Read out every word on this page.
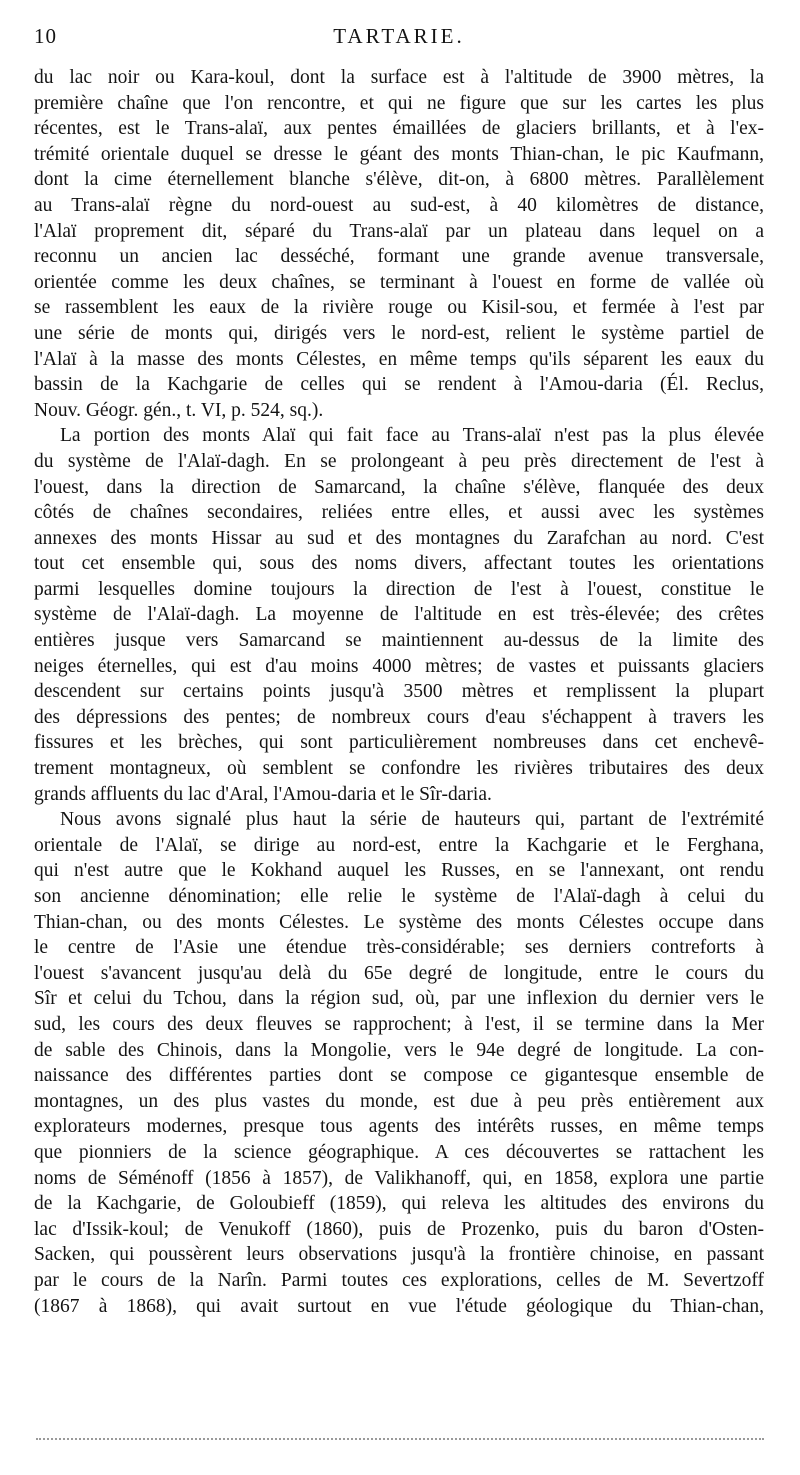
10	TARTARIE.
du lac noir ou Kara-koul, dont la surface est à l'altitude de 3900 mètres, la
première chaîne que l'on rencontre, et qui ne figure que sur les cartes les plus
récentes, est le Trans-alaï, aux pentes émaillées de glaciers brillants, et à l'ex-
trémité orientale duquel se dresse le géant des monts Thian-chan, le pic Kaufmann,
dont la cime éternellement blanche s'élève, dit-on, à 6800 mètres. Parallèlement
au Trans-alaï règne du nord-ouest au sud-est, à 40 kilomètres de distance,
l'Alaï proprement dit, séparé du Trans-alaï par un plateau dans lequel on a
reconnu un ancien lac desséché, formant une grande avenue transversale,
orientée comme les deux chaînes, se terminant à l'ouest en forme de vallée où
se rassemblent les eaux de la rivière rouge ou Kisil-sou, et fermée à l'est par
une série de monts qui, dirigés vers le nord-est, relient le système partiel de
l'Alaï à la masse des monts Célestes, en même temps qu'ils séparent les eaux du
bassin de la Kachgarie de celles qui se rendent à l'Amou-daria (Él. Reclus,
Nouv. Géogr. gén., t. VI, p. 524, sq.).
La portion des monts Alaï qui fait face au Trans-alaï n'est pas la plus élevée
du système de l'Alaï-dagh. En se prolongeant à peu près directement de l'est à
l'ouest, dans la direction de Samarcand, la chaîne s'élève, flanquée des deux
côtés de chaînes secondaires, reliées entre elles, et aussi avec les systèmes
annexes des monts Hissar au sud et des montagnes du Zarafchan au nord. C'est
tout cet ensemble qui, sous des noms divers, affectant toutes les orientations
parmi lesquelles domine toujours la direction de l'est à l'ouest, constitue le
système de l'Alaï-dagh. La moyenne de l'altitude en est très-élevée; des crêtes
entières jusque vers Samarcand se maintiennent au-dessus de la limite des
neiges éternelles, qui est d'au moins 4000 mètres; de vastes et puissants glaciers
descendent sur certains points jusqu'à 3500 mètres et remplissent la plupart
des dépressions des pentes; de nombreux cours d'eau s'échappent à travers les
fissures et les brèches, qui sont particulièrement nombreuses dans cet enchevê-
trement montagneux, où semblent se confondre les rivières tributaires des deux
grands affluents du lac d'Aral, l'Amou-daria et le Sîr-daria.
Nous avons signalé plus haut la série de hauteurs qui, partant de l'extrémité
orientale de l'Alaï, se dirige au nord-est, entre la Kachgarie et le Ferghana,
qui n'est autre que le Kokhand auquel les Russes, en se l'annexant, ont rendu
son ancienne dénomination; elle relie le système de l'Alaï-dagh à celui du
Thian-chan, ou des monts Célestes. Le système des monts Célestes occupe dans
le centre de l'Asie une étendue très-considérable; ses derniers contreforts à
l'ouest s'avancent jusqu'au delà du 65e degré de longitude, entre le cours du
Sîr et celui du Tchou, dans la région sud, où, par une inflexion du dernier vers le
sud, les cours des deux fleuves se rapprochent; à l'est, il se termine dans la Mer
de sable des Chinois, dans la Mongolie, vers le 94e degré de longitude. La con-
naissance des différentes parties dont se compose ce gigantesque ensemble de
montagnes, un des plus vastes du monde, est due à peu près entièrement aux
explorateurs modernes, presque tous agents des intérêts russes, en même temps
que pionniers de la science géographique. A ces découvertes se rattachent les
noms de Séménoff (1856 à 1857), de Valikhanoff, qui, en 1858, explora une partie
de la Kachgarie, de Goloubieff (1859), qui releva les altitudes des environs du
lac d'Issik-koul; de Venukoff (1860), puis de Prozenko, puis du baron d'Osten-
Sacken, qui poussèrent leurs observations jusqu'à la frontière chinoise, en passant
par le cours de la Narîn. Parmi toutes ces explorations, celles de M. Severtzoff
(1867 à 1868), qui avait surtout en vue l'étude géologique du Thian-chan,
